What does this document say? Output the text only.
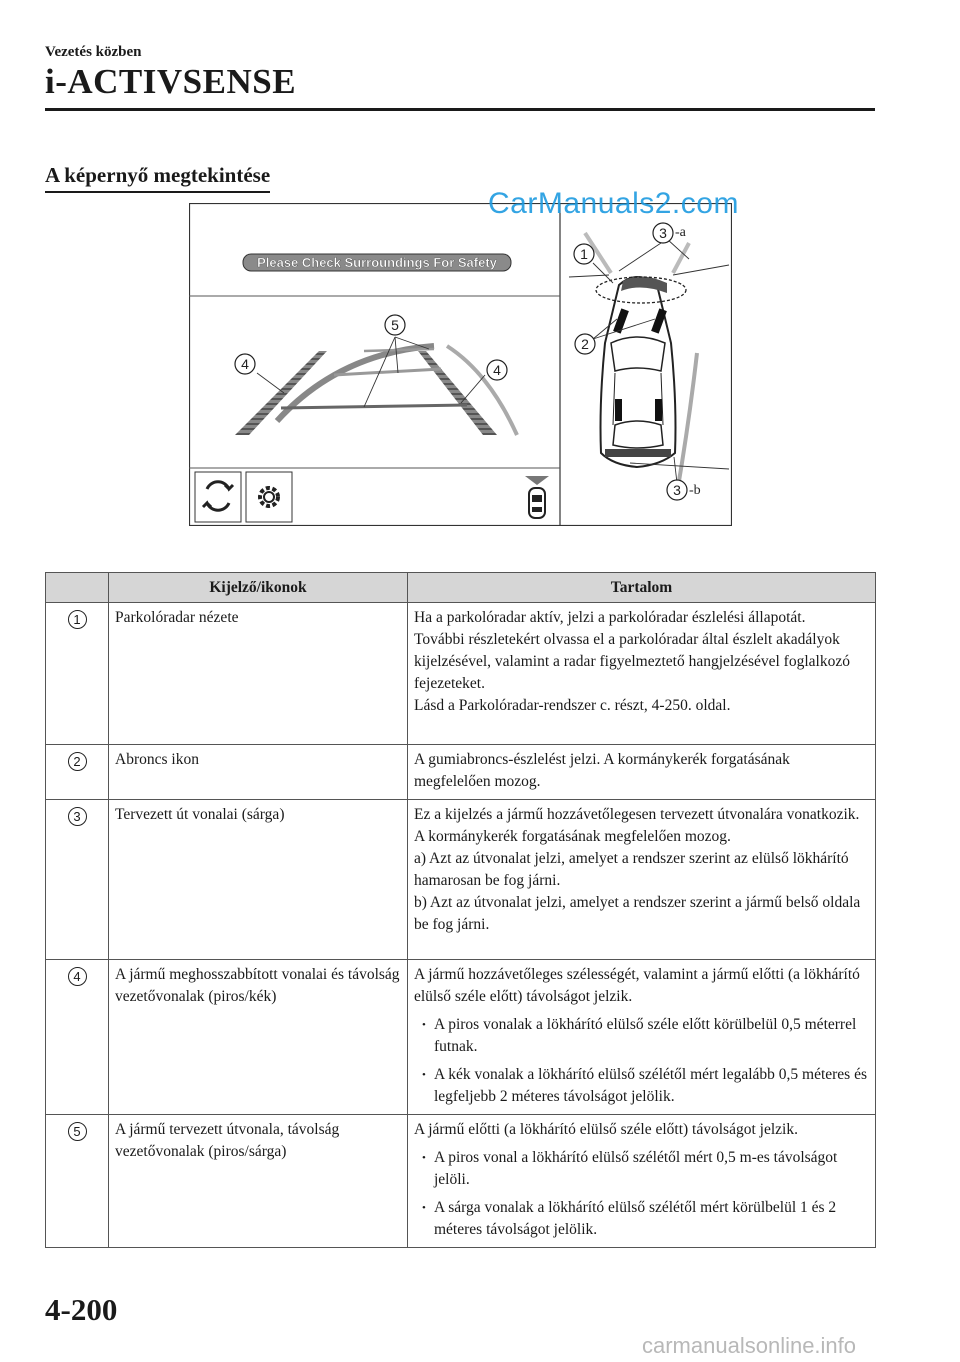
Vezetés közben
i-ACTIVSENSE
A képernyő megtekintése
Please Check Surroundings For Safety
4	4
5
1
2
3 -a
3 -b
CarManuals2.com
	Kijelző/ikonok	Tartalom
1	Parkolóradar nézete	Ha a parkolóradar aktív, jelzi a parkolóradar észlelési állapotát.

További részletekért olvassa el a parkolóradar által észlelt akadályok kijelzésével, valamint a radar figyelmeztető hangjelzésével foglalkozó fejezeteket.

Lásd a Parkolóradar-rendszer c. részt, 4-250. oldal.

2	Abroncs ikon	A gumiabroncs-észlelést jelzi. A kormánykerék forgatásának megfelelően mozog.

3	Tervezett út vonalai (sárga)	Ez a kijelzés a jármű hozzávetőlegesen tervezett útvonalára vonatkozik. A kormánykerék forgatásának megfelelően mozog.

a) Azt az útvonalat jelzi, amelyet a rendszer szerint az elülső lökhárító hamarosan be fog járni.

b) Azt az útvonalat jelzi, amelyet a rendszer szerint a jármű belső oldala be fog járni.

4	A jármű meghosszabbított vonalai és távolság vezetővonalak (piros/kék)	A jármű hozzávetőleges szélességét, valamint a jármű előtti (a lökhárító elülső széle előtt) távolságot jelzik.

• A piros vonalak a lökhárító elülső széle előtt körülbelül 0,5 méterrel futnak.

• A kék vonalak a lökhárító elülső szélétől mért legalább 0,5 méteres és legfeljebb 2 méteres távolságot jelölik.

5	A jármű tervezett útvonala, távolság vezetővonalak (piros/sárga)	A jármű előtti (a lökhárító elülső széle előtt) távolságot jelzik.

• A piros vonal a lökhárító elülső szélétől mért 0,5 m-es távolságot jelöli.

• A sárga vonalak a lökhárító elülső szélétől mért körülbelül 1 és 2 méteres távolságot jelölik.

4-200
carmanualsonline.info
